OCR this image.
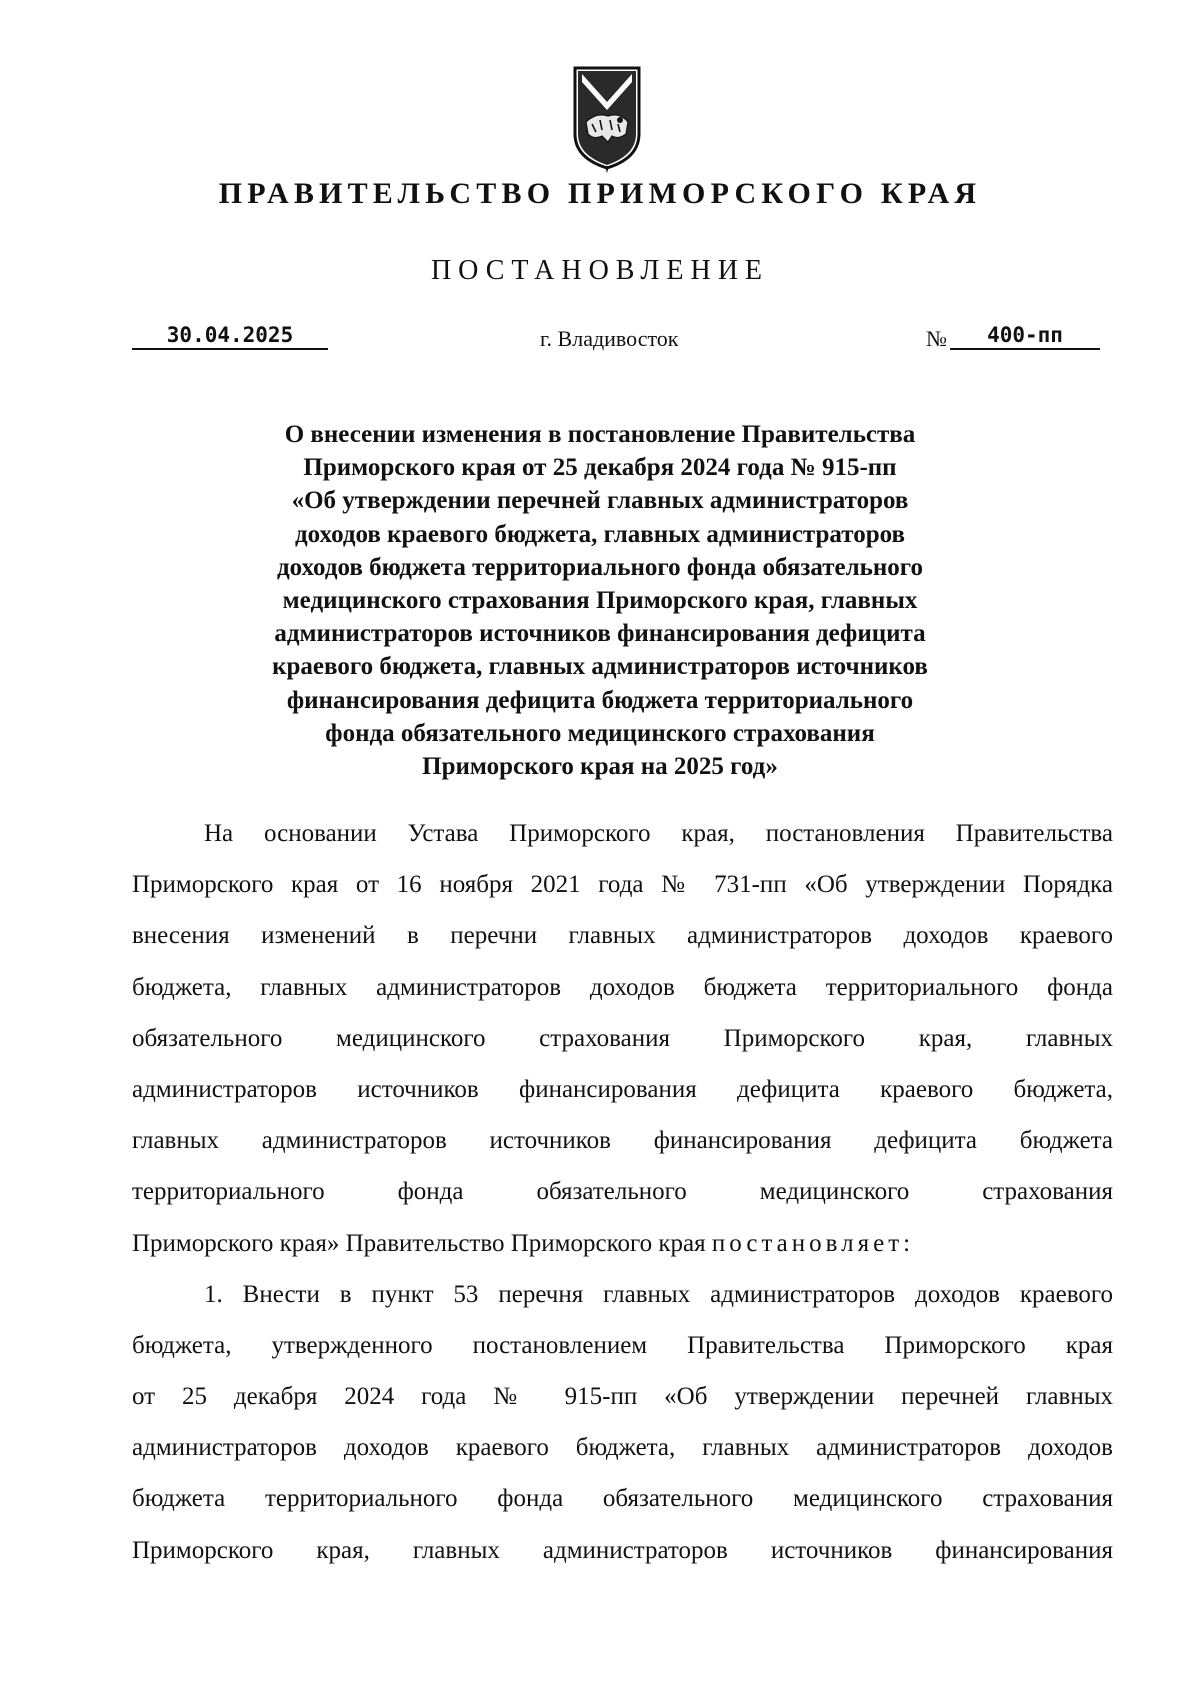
ПРАВИТЕЛЬСТВО ПРИМОРСКОГО КРАЯ
ПОСТАНОВЛЕНИЕ
30.04.2025	г. Владивосток	№	400-пп
О внесении изменения в постановление Правительства
Приморского края от 25 декабря 2024 года № 915-пп
«Об утверждении перечней главных администраторов
доходов краевого бюджета, главных администраторов
доходов бюджета территориального фонда обязательного
медицинского страхования Приморского края, главных
администраторов источников финансирования дефицита
краевого бюджета, главных администраторов источников
финансирования дефицита бюджета территориального
фонда обязательного медицинского страхования
Приморского края на 2025 год»
На основании Устава Приморского края, постановления Правительства
Приморского края от 16 ноября 2021 года № 731-пп «Об утверждении Порядка
внесения изменений в перечни главных администраторов доходов краевого
бюджета, главных администраторов доходов бюджета территориального фонда
обязательного медицинского страхования Приморского края, главных
администраторов источников финансирования дефицита краевого бюджета,
главных администраторов источников финансирования дефицита бюджета
территориального фонда обязательного медицинского страхования
Приморского края» Правительство Приморского края постановляет:
1. Внести в пункт 53 перечня главных администраторов доходов краевого
бюджета, утвержденного постановлением Правительства Приморского края
от 25 декабря 2024 года № 915-пп «Об утверждении перечней главных
администраторов доходов краевого бюджета, главных администраторов доходов
бюджета территориального фонда обязательного медицинского страхования
Приморского края, главных администраторов источников финансирования
